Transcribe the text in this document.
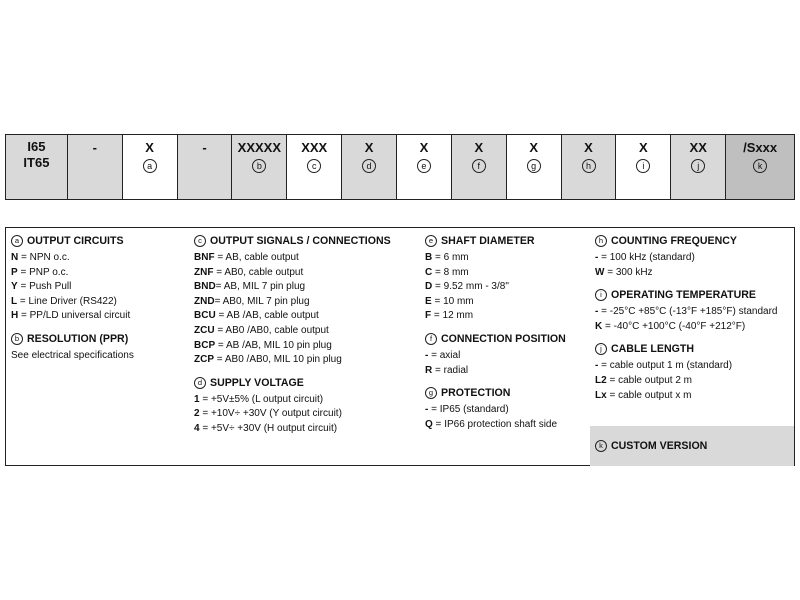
I65
IT65
-	X
a
- XXXXX
b
XXX
c
X
d
X
e
X
f
X
g
X
h
X
i
XX
j
/Sxxx
k
a OUTPUT CIRCUITS
N = NPN o.c.
P = PNP o.c.
Y = Push Pull
L = Line Driver (RS422)
H = PP/LD universal circuit
b RESOLUTION (PPR)
See electrical specifications
c OUTPUT SIGNALS / CONNECTIONS
BNF = AB, cable output
ZNF = AB0, cable output
BND= AB, MIL 7 pin plug
ZND= AB0, MIL 7 pin plug
BCU = AB /AB, cable output
ZCU = AB0 /AB0, cable output
BCP = AB /AB, MIL 10 pin plug
ZCP = AB0 /AB0, MIL 10 pin plug
d SUPPLY VOLTAGE
1 = +5V±5% (L output circuit)
2 = +10V÷ +30V (Y output circuit)
4 = +5V÷ +30V (H output circuit)
e SHAFT DIAMETER
B = 6 mm
C = 8 mm
D = 9.52 mm - 3/8"
E = 10 mm
F = 12 mm
f CONNECTION POSITION
- = axial
R = radial
g PROTECTION
- = IP65 (standard)
Q = IP66 protection shaft side
h COUNTING FREQUENCY
- = 100 kHz (standard)
W = 300 kHz
i OPERATING TEMPERATURE
- = -25°C +85°C (-13°F +185°F) standard
K = -40°C +100°C (-40°F +212°F)
j CABLE LENGTH
- = cable output 1 m (standard)
L2 = cable output 2 m
Lx = cable output x m
k CUSTOM VERSION
